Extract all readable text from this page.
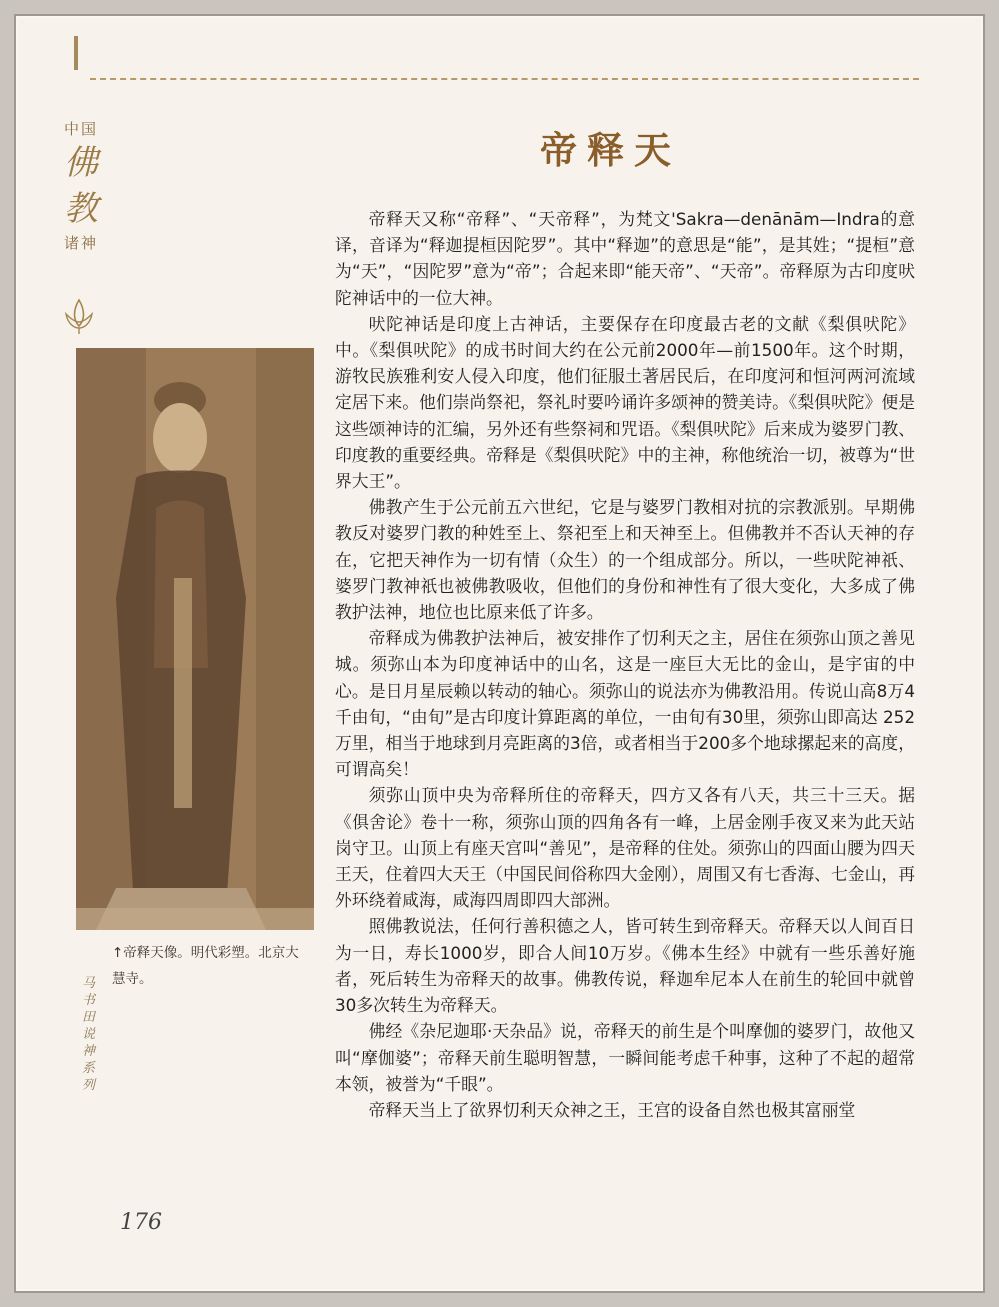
中国
佛
教
诸神
↑帝释天像。明代彩塑。北京大慧寺。
马书田说神系列
帝释天

帝释天又称“帝释”、“天帝释”，为梵文'Sakra—denānām—Indra的意译，音译为“释迦提桓因陀罗”。其中“释迦”的意思是“能”，是其姓；“提桓”意为“天”，“因陀罗”意为“帝”；合起来即“能天帝”、“天帝”。帝释原为古印度吠陀神话中的一位大神。

吠陀神话是印度上古神话，主要保存在印度最古老的文献《梨俱吠陀》中。《梨俱吠陀》的成书时间大约在公元前2000年—前1500年。这个时期，游牧民族雅利安人侵入印度，他们征服土著居民后，在印度河和恒河两河流域定居下来。他们崇尚祭祀，祭礼时要吟诵许多颂神的赞美诗。《梨俱吠陀》便是这些颂神诗的汇编，另外还有些祭祠和咒语。《梨俱吠陀》后来成为婆罗门教、印度教的重要经典。帝释是《梨俱吠陀》中的主神，称他统治一切，被尊为“世界大王”。

佛教产生于公元前五六世纪，它是与婆罗门教相对抗的宗教派别。早期佛教反对婆罗门教的种姓至上、祭祀至上和天神至上。但佛教并不否认天神的存在，它把天神作为一切有情（众生）的一个组成部分。所以，一些吠陀神祇、婆罗门教神祇也被佛教吸收，但他们的身份和神性有了很大变化，大多成了佛教护法神，地位也比原来低了许多。

帝释成为佛教护法神后，被安排作了忉利天之主，居住在须弥山顶之善见城。须弥山本为印度神话中的山名，这是一座巨大无比的金山，是宇宙的中心。是日月星辰赖以转动的轴心。须弥山的说法亦为佛教沿用。传说山高8万4千由旬，“由旬”是古印度计算距离的单位，一由旬有30里，须弥山即高达 252万里，相当于地球到月亮距离的3倍，或者相当于200多个地球摞起来的高度，可谓高矣！

须弥山顶中央为帝释所住的帝释天，四方又各有八天，共三十三天。据《俱舍论》卷十一称，须弥山顶的四角各有一峰，上居金刚手夜叉来为此天站岗守卫。山顶上有座天宫叫“善见”，是帝释的住处。须弥山的四面山腰为四天王天，住着四大天王（中国民间俗称四大金刚），周围又有七香海、七金山，再外环绕着咸海，咸海四周即四大部洲。

照佛教说法，任何行善积德之人，皆可转生到帝释天。帝释天以人间百日为一日，寿长1000岁，即合人间10万岁。《佛本生经》中就有一些乐善好施者，死后转生为帝释天的故事。佛教传说，释迦牟尼本人在前生的轮回中就曾 30多次转生为帝释天。

佛经《杂尼迦耶·天杂品》说，帝释天的前生是个叫摩伽的婆罗门，故他又叫“摩伽婆”；帝释天前生聪明智慧，一瞬间能考虑千种事，这种了不起的超常本领，被誉为“千眼”。

帝释天当上了欲界忉利天众神之王，王宫的设备自然也极其富丽堂

176
